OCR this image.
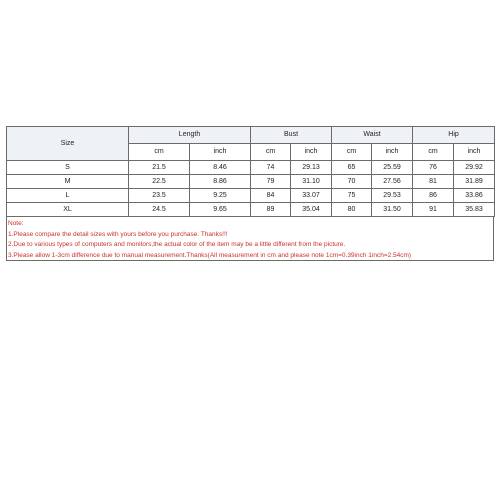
Size	Length		Bust		Waist		Hip	
	cm	inch	cm	inch	cm	inch	cm	inch
S	21.5	8.46	74	29.13	65	25.59	76	29.92
M	22.5	8.86	79	31.10	70	27.56	81	31.89
L	23.5	9.25	84	33.07	75	29.53	86	33.86
XL	24.5	9.65	89	35.04	80	31.50	91	35.83
Note:
1.Please compare the detail sizes with yours before you purchase. Thanks!!!
2.Due to various types of computers and monitors,the actual color of the item may be a little different from the picture.
3.Please allow 1-3cm difference due to manual measurement.Thanks(All measurement in cm and please note 1cm=0.39inch 1inch=2.54cm)
